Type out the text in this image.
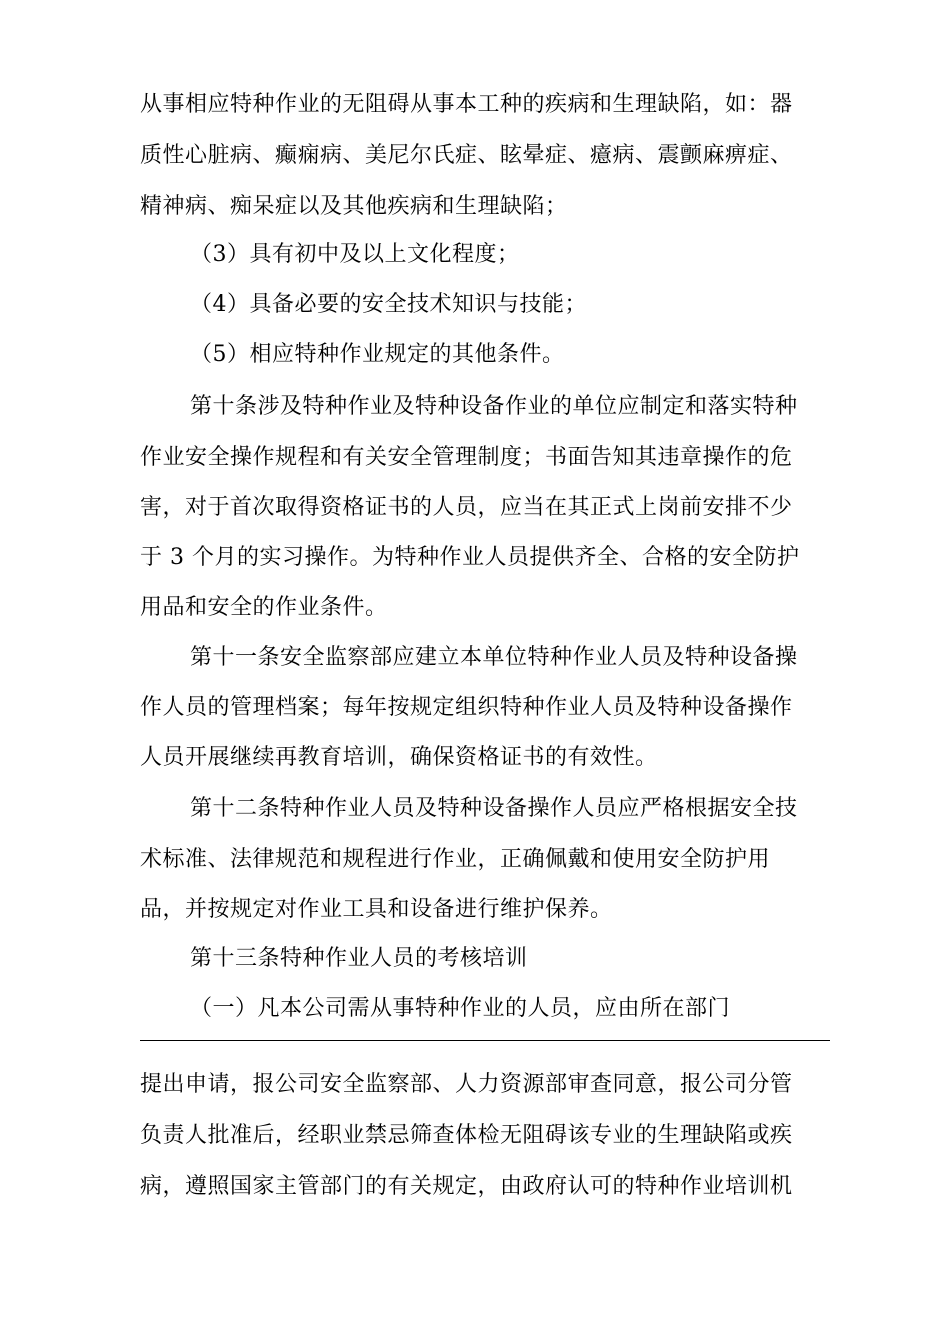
从事相应特种作业的无阻碍从事本工种的疾病和生理缺陷，如：器
质性心脏病、癫痫病、美尼尔氏症、眩晕症、癔病、震颤麻痹症、
精神病、痴呆症以及其他疾病和生理缺陷；
（3）具有初中及以上文化程度；
（4）具备必要的安全技术知识与技能；
（5）相应特种作业规定的其他条件。
第十条涉及特种作业及特种设备作业的单位应制定和落实特种
作业安全操作规程和有关安全管理制度；书面告知其违章操作的危
害，对于首次取得资格证书的人员，应当在其正式上岗前安排不少
于 3 个月的实习操作。为特种作业人员提供齐全、合格的安全防护
用品和安全的作业条件。
第十一条安全监察部应建立本单位特种作业人员及特种设备操
作人员的管理档案；每年按规定组织特种作业人员及特种设备操作
人员开展继续再教育培训，确保资格证书的有效性。
第十二条特种作业人员及特种设备操作人员应严格根据安全技
术标准、法律规范和规程进行作业，正确佩戴和使用安全防护用
品，并按规定对作业工具和设备进行维护保养。
第十三条特种作业人员的考核培训
（一）凡本公司需从事特种作业的人员，应由所在部门
提出申请，报公司安全监察部、人力资源部审查同意，报公司分管
负责人批准后，经职业禁忌筛查体检无阻碍该专业的生理缺陷或疾
病，遵照国家主管部门的有关规定，由政府认可的特种作业培训机
